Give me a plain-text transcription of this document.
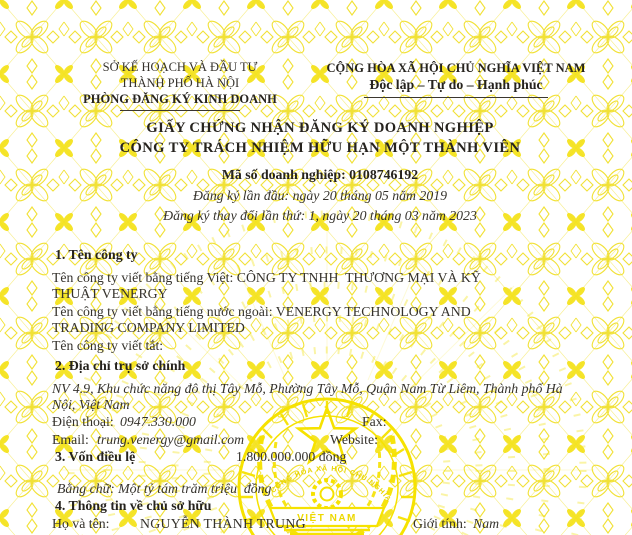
CỘNG HÒA XÃ HỘI CHỦ NGHĨA
VIỆT NAM
SỞ KẾ HOẠCH VÀ ĐẦU TƯ
THÀNH PHỐ HÀ NỘI
PHÒNG ĐĂNG KÝ KINH DOANH
CỘNG HÒA XÃ HỘI CHỦ NGHĨA VIỆT NAM
Độc lập – Tự do – Hạnh phúc
GIẤY CHỨNG NHẬN ĐĂNG KÝ DOANH NGHIỆP
CÔNG TY TRÁCH NHIỆM HỮU HẠN MỘT THÀNH VIÊN
Mã số doanh nghiệp: 0108746192
Đăng ký lần đầu: ngày 20 tháng 05 năm 2019
Đăng ký thay đổi lần thứ: 1, ngày 20 tháng 03 năm 2023
1. Tên công ty
Tên công ty viết bằng tiếng Việt: CÔNG TY TNHH  THƯƠNG MẠI VÀ KỸ THUẬT VENERGY
Tên công ty viết bằng tiếng nước ngoài: VENERGY TECHNOLOGY AND TRADING COMPANY LIMITED
Tên công ty viết tắt:
2. Địa chỉ trụ sở chính
NV 4.9, Khu chức năng đô thị Tây Mỗ, Phường Tây Mỗ, Quận Nam Từ Liêm, Thành phố Hà Nội, Việt Nam
Điện thoại: 0947.330.000	Fax:
Email: trung.venergy@gmail.com	Website:
3. Vốn điều lệ	1.800.000.000 đồng
Bằng chữ: Một tỷ tám trăm triệu  đồng
4. Thông tin về chủ sở hữu
Họ và tên: NGUYỄN THÀNH TRUNG	Giới tính: Nam
